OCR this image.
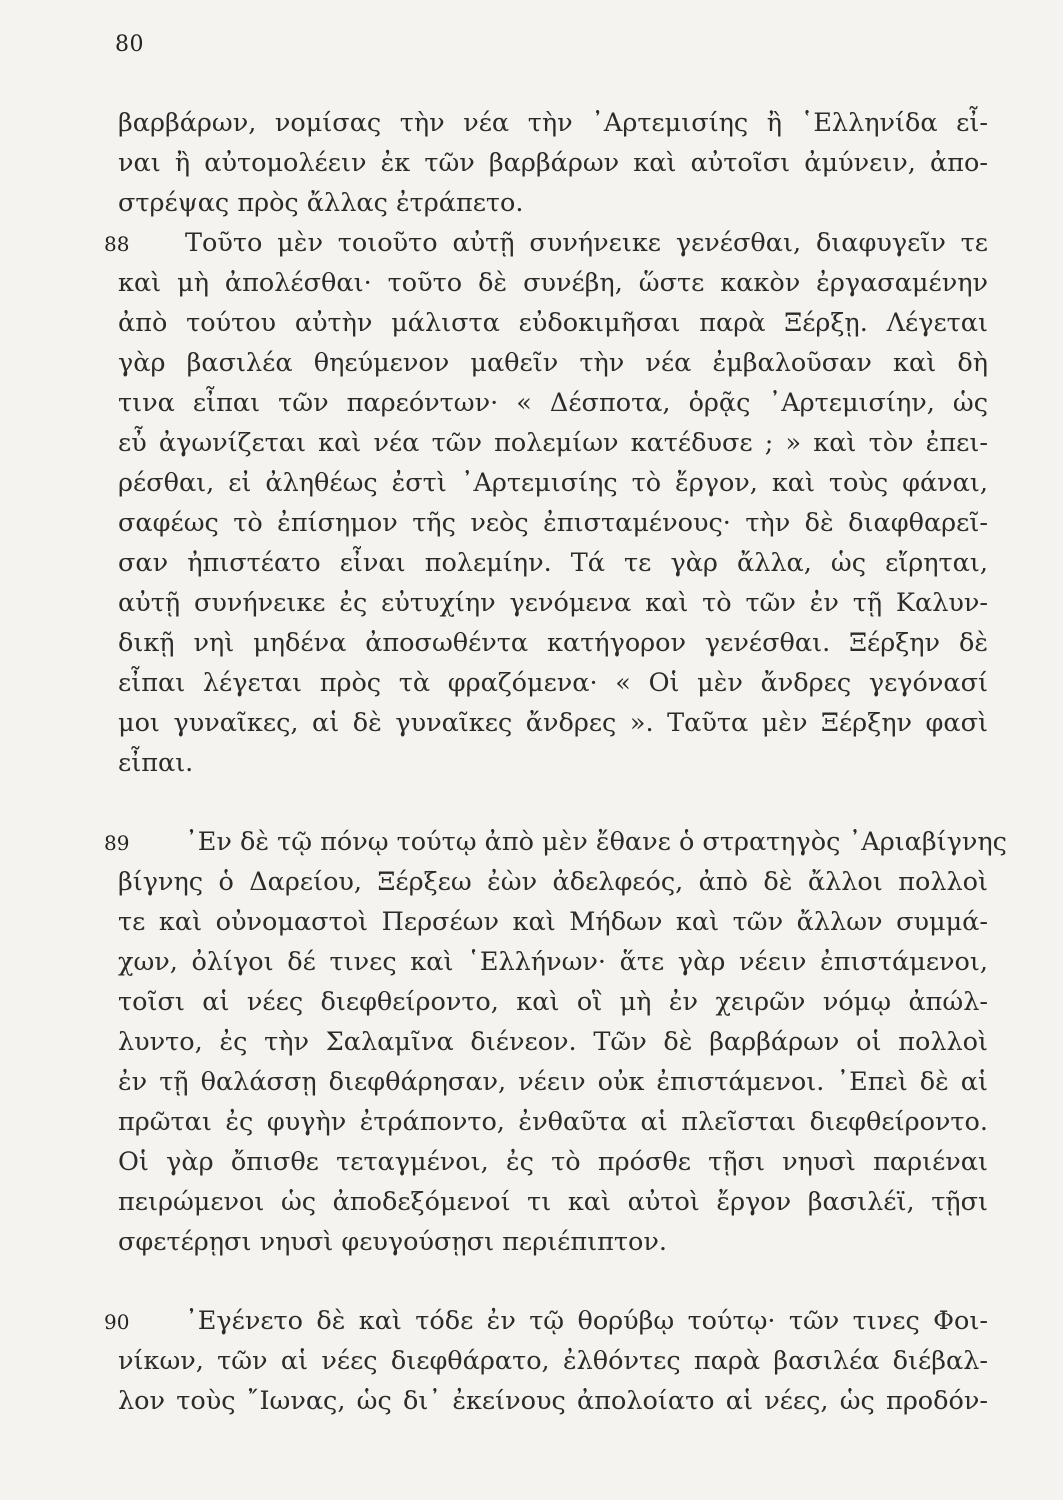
80
88
89
90
βαρβάρων, νομίσας τὴν νέα τὴν ᾿Αρτεμισίης ἢ ῾Ελληνίδα εἶ-
ναι ἢ αὐτομολέειν ἐκ τῶν βαρβάρων καὶ αὐτοῖσι ἀμύνειν, ἀπο-
στρέψας πρὸς ἄλλας ἐτράπετο.
Τοῦτο μὲν τοιοῦτο αὐτῇ συνήνεικε γενέσθαι, διαφυγεῖν τε
καὶ μὴ ἀπολέσθαι· τοῦτο δὲ συνέβη, ὥστε κακὸν ἐργασαμένην
ἀπὸ τούτου αὐτὴν μάλιστα εὐδοκιμῆσαι παρὰ Ξέρξῃ. Λέγεται
γὰρ βασιλέα θηεύμενον μαθεῖν τὴν νέα ἐμβαλοῦσαν καὶ δὴ
τινα εἶπαι τῶν παρεόντων· « Δέσποτα, ὁρᾷς ᾿Αρτεμισίην, ὡς
εὖ ἀγωνίζεται καὶ νέα τῶν πολεμίων κατέδυσε ; » καὶ τὸν ἐπει-
ρέσθαι, εἰ ἀληθέως ἐστὶ ᾿Αρτεμισίης τὸ ἔργον, καὶ τοὺς φάναι,
σαφέως τὸ ἐπίσημον τῆς νεὸς ἐπισταμένους· τὴν δὲ διαφθαρεῖ-
σαν ἠπιστέατο εἶναι πολεμίην. Τά τε γὰρ ἄλλα, ὡς εἴρηται,
αὐτῇ συνήνεικε ἐς εὐτυχίην γενόμενα καὶ τὸ τῶν ἐν τῇ Καλυν-
δικῇ νηὶ μηδένα ἀποσωθέντα κατήγορον γενέσθαι. Ξέρξην δὲ
εἶπαι λέγεται πρὸς τὰ φραζόμενα· « Οἱ μὲν ἄνδρες γεγόνασί
μοι γυναῖκες, αἱ δὲ γυναῖκες ἄνδρες ». Ταῦτα μὲν Ξέρξην φασὶ
εἶπαι.
᾿Εν δὲ τῷ πόνῳ τούτῳ ἀπὸ μὲν ἔθανε ὁ στρατηγὸς ᾿Αριαβίγνης
βίγνης ὁ Δαρείου, Ξέρξεω ἐὼν ἀδελφεός, ἀπὸ δὲ ἄλλοι πολλοὶ
τε καὶ οὐνομαστοὶ Περσέων καὶ Μήδων καὶ τῶν ἄλλων συμμά-
χων, ὀλίγοι δέ τινες καὶ ῾Ελλήνων· ἅτε γὰρ νέειν ἐπιστάμενοι,
τοῖσι αἱ νέες διεφθείροντο, καὶ οἳ μὴ ἐν χειρῶν νόμῳ ἀπώλ-
λυντο, ἐς τὴν Σαλαμῖνα διένεον. Τῶν δὲ βαρβάρων οἱ πολλοὶ
ἐν τῇ θαλάσσῃ διεφθάρησαν, νέειν οὐκ ἐπιστάμενοι. ᾿Επεὶ δὲ αἱ
πρῶται ἐς φυγὴν ἐτράποντο, ἐνθαῦτα αἱ πλεῖσται διεφθείροντο.
Οἱ γὰρ ὄπισθε τεταγμένοι, ἐς τὸ πρόσθε τῇσι νηυσὶ παριέναι
πειρώμενοι ὡς ἀποδεξόμενοί τι καὶ αὐτοὶ ἔργον βασιλέϊ, τῇσι
σφετέρῃσι νηυσὶ φευγούσῃσι περιέπιπτον.
᾿Εγένετο δὲ καὶ τόδε ἐν τῷ θορύβῳ τούτῳ· τῶν τινες Φοι-
νίκων, τῶν αἱ νέες διεφθάρατο, ἐλθόντες παρὰ βασιλέα διέβαλ-
λον τοὺς ῎Ιωνας, ὡς δι᾿ ἐκείνους ἀπολοίατο αἱ νέες, ὡς προδόν-
